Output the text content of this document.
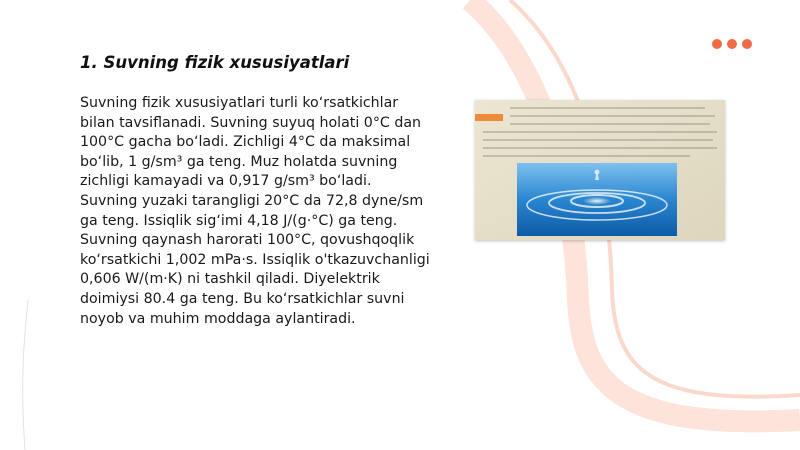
1. Suvning fizik xususiyatlari

Suvning fizik xususiyatlari turli ko‘rsatkichlar bilan tavsiflanadi. Suvning suyuq holati 0°C dan 100°C gacha bo‘ladi. Zichligi 4°C da maksimal bo‘lib, 1 g/sm³ ga teng. Muz holatda suvning zichligi kamayadi va 0,917 g/sm³ bo‘ladi. Suvning yuzaki tarangligi 20°C da 72,8 dyne/sm ga teng. Issiqlik sig‘imi 4,18 J/(g·°C) ga teng. Suvning qaynash harorati 100°C, qovushqoqlik ko‘rsatkichi 1,002 mPa·s. Issiqlik o'tkazuvchanligi 0,606 W/(m·K) ni tashkil qiladi. Diyelektrik doimiysi 80.4 ga teng. Bu ko‘rsatkichlar suvni noyob va muhim moddaga aylantiradi.
